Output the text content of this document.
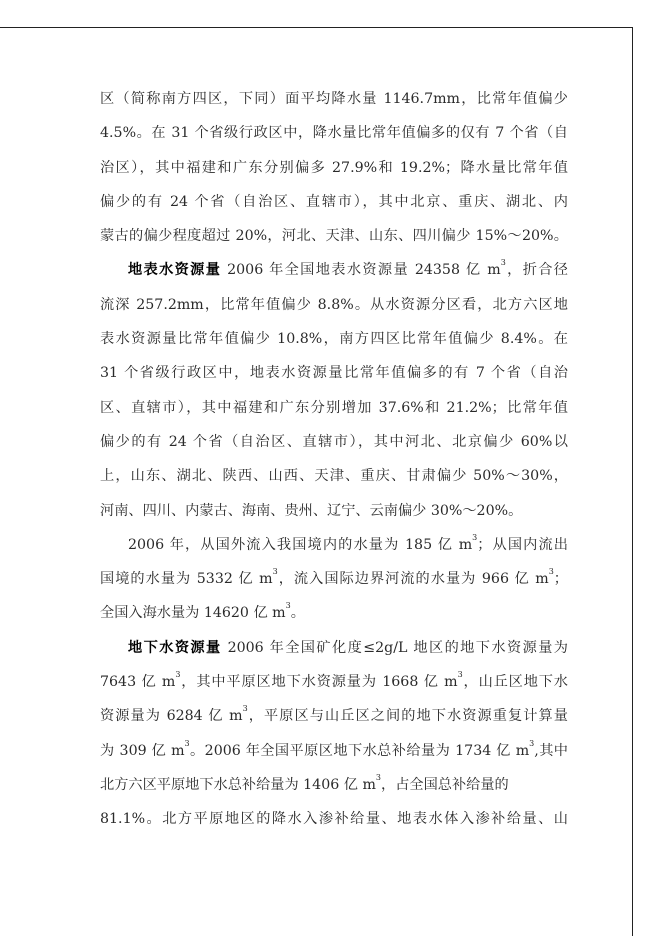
区（简称南方四区，下同）面平均降水量 1146.7mm，比常年值偏少
4.5%。在 31 个省级行政区中，降水量比常年值偏多的仅有 7 个省（自
治区），其中福建和广东分别偏多 27.9%和 19.2%；降水量比常年值
偏少的有 24 个省（自治区、直辖市），其中北京、重庆、湖北、内
蒙古的偏少程度超过 20%，河北、天津、山东、四川偏少 15%～20%。
地表水资源量 2006 年全国地表水资源量 24358 亿 $m^3$，折合径
流深 257.2mm，比常年值偏少 8.8%。从水资源分区看，北方六区地
表水资源量比常年值偏少 10.8%，南方四区比常年值偏少 8.4%。在
31 个省级行政区中，地表水资源量比常年值偏多的有 7 个省（自治
区、直辖市），其中福建和广东分别增加 37.6%和 21.2%；比常年值
偏少的有 24 个省（自治区、直辖市），其中河北、北京偏少 60%以
上，山东、湖北、陕西、山西、天津、重庆、甘肃偏少 50%～30%，
河南、四川、内蒙古、海南、贵州、辽宁、云南偏少 30%～20%。
2006 年，从国外流入我国境内的水量为 185 亿 $m^3$；从国内流出
国境的水量为 5332 亿 $m^3$，流入国际边界河流的水量为 966 亿 $m^3$；
全国入海水量为 14620 亿 $m^3$。
地下水资源量 2006 年全国矿化度≤2g/L 地区的地下水资源量为
7643 亿 $m^3$，其中平原区地下水资源量为 1668 亿 $m^3$，山丘区地下水
资源量为 6284 亿 $m^3$，平原区与山丘区之间的地下水资源重复计算量
为 309 亿 $m^3$。2006 年全国平原区地下水总补给量为 1734 亿 $m^3$,其中
北方六区平原地下水总补给量为 1406 亿 $m^3$，占全国总补给量的
81.1%。北方平原地区的降水入渗补给量、地表水体入渗补给量、山
